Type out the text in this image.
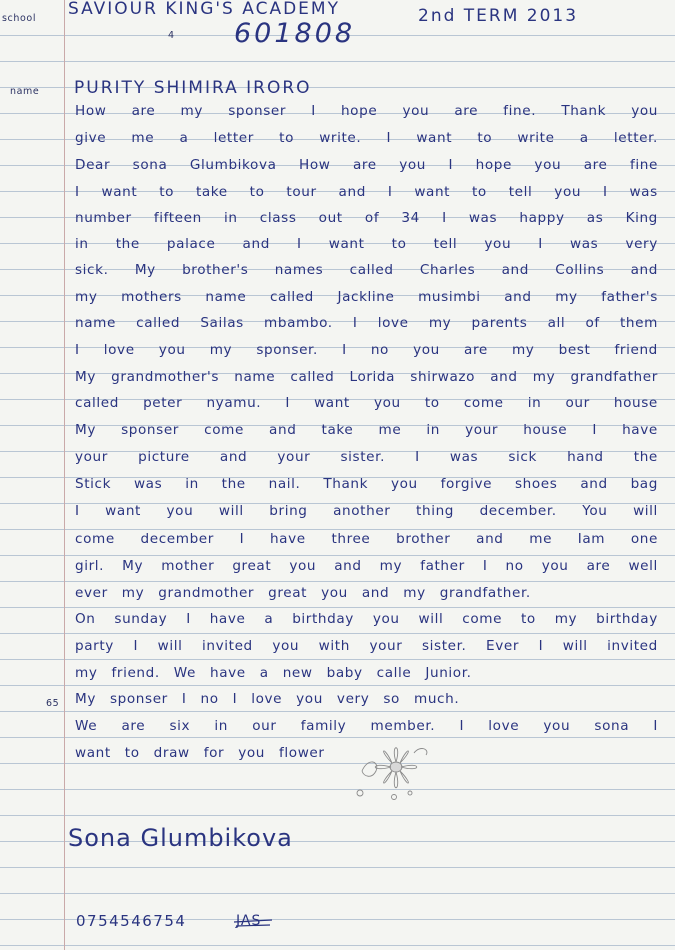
school SAVIOUR KING'S ACADEMY	2nd TERM 2013
4 601808
name PURITY SHIMIRA IRORO
How are my sponser I hope you are fine. Thank you
give me a letter to write. I want to write a letter.
Dear sona Glumbikova How are you I hope you are fine
I want to take to tour and I want to tell you I was
number fifteen in class out of 34 I was happy as King
in the palace and I want to tell you I was very
sick. My brother's names called Charles and Collins and
my mothers name called Jackline musimbi and my father's
name called Sailas mbambo. I love my parents all of them
I love you my sponser. I no you are my best friend
My grandmother's name called Lorida shirwazo and my grandfather
called peter nyamu. I want you to come in our house
My sponser come and take me in your house I have
your picture and your sister. I was sick hand the
Stick was in the nail. Thank you forgive shoes and bag
I want you will bring another thing december. You will
come december I have three brother and me Iam one
girl. My mother great you and my father I no you are well
ever my grandmother great you and my grandfather.
On sunday I have a birthday you will come to my birthday
party I will invited you with your sister. Ever I will invited
my friend. We have a new baby calle Junior.
My sponser I no I love you very so much.
We are six in our family member. I love you sona I
want to draw for you flower
65
Sona Glumbikova
0754546754	JAS
